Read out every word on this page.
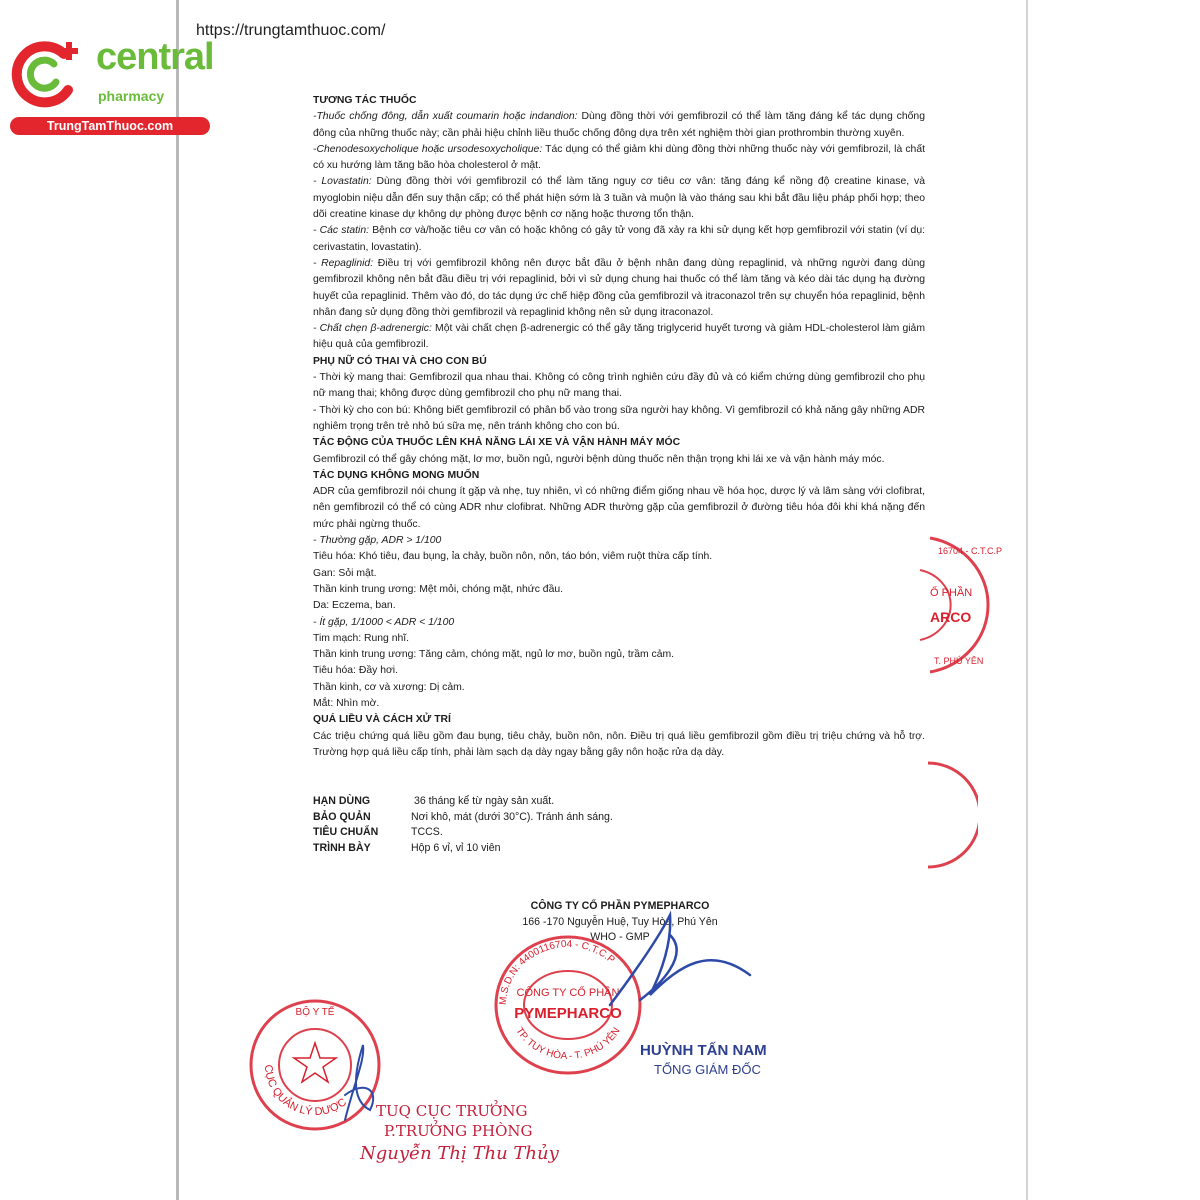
https://trungtamthuoc.com/
central
pharmacy
TrungTamThuoc.com

TƯƠNG TÁC THUỐC

-Thuốc chống đông, dẫn xuất coumarin hoặc indandion: Dùng đồng thời với gemfibrozil có thể làm tăng đáng kể tác dụng chống đông của những thuốc này; cần phải hiệu chỉnh liều thuốc chống đông dựa trên xét nghiệm thời gian prothrombin thường xuyên.

-Chenodesoxycholique hoặc ursodesoxycholique: Tác dụng có thể giảm khi dùng đồng thời những thuốc này với gemfibrozil, là chất có xu hướng làm tăng bão hòa cholesterol ở mật.

- Lovastatin: Dùng đồng thời với gemfibrozil có thể làm tăng nguy cơ tiêu cơ vân: tăng đáng kể nồng độ creatine kinase, và myoglobin niệu dẫn đến suy thận cấp; có thể phát hiện sớm là 3 tuần và muộn là vào tháng sau khi bắt đầu liệu pháp phối hợp; theo dõi creatine kinase dự không dự phòng được bệnh cơ nặng hoặc thương tổn thận.

- Các statin: Bệnh cơ và/hoặc tiêu cơ vân có hoặc không có gây tử vong đã xảy ra khi sử dụng kết hợp gemfibrozil với statin (ví dụ: cerivastatin, lovastatin).

- Repaglinid: Điều trị với gemfibrozil không nên được bắt đầu ở bệnh nhân đang dùng repaglinid, và những người đang dùng gemfibrozil không nên bắt đầu điều trị với repaglinid, bởi vì sử dụng chung hai thuốc có thể làm tăng và kéo dài tác dụng hạ đường huyết của repaglinid. Thêm vào đó, do tác dụng ức chế hiệp đồng của gemfibrozil và itraconazol trên sự chuyển hóa repaglinid, bệnh nhân đang sử dụng đồng thời gemfibrozil và repaglinid không nên sử dụng itraconazol.

- Chất chẹn β-adrenergic: Một vài chất chẹn β-adrenergic có thể gây tăng triglycerid huyết tương và giảm HDL-cholesterol làm giảm hiệu quả của gemfibrozil.

PHỤ NỮ CÓ THAI VÀ CHO CON BÚ

- Thời kỳ mang thai: Gemfibrozil qua nhau thai. Không có công trình nghiên cứu đầy đủ và có kiểm chứng dùng gemfibrozil cho phụ nữ mang thai; không được dùng gemfibrozil cho phụ nữ mang thai.

- Thời kỳ cho con bú: Không biết gemfibrozil có phân bố vào trong sữa người hay không. Vì gemfibrozil có khả năng gây những ADR nghiêm trọng trên trẻ nhỏ bú sữa mẹ, nên tránh không cho con bú.

TÁC ĐỘNG CỦA THUỐC LÊN KHẢ NĂNG LÁI XE VÀ VẬN HÀNH MÁY MÓC

Gemfibrozil có thể gây chóng mặt, lơ mơ, buồn ngủ, người bệnh dùng thuốc nên thận trọng khi lái xe và vận hành máy móc.

TÁC DỤNG KHÔNG MONG MUỐN

ADR của gemfibrozil nói chung ít gặp và nhẹ, tuy nhiên, vì có những điểm giống nhau về hóa học, dược lý và lâm sàng với clofibrat, nên gemfibrozil có thể có cùng ADR như clofibrat. Những ADR thường gặp của gemfibrozil ở đường tiêu hóa đôi khi khá nặng đến mức phải ngừng thuốc.

- Thường gặp, ADR > 1/100

Tiêu hóa: Khó tiêu, đau bụng, ỉa chảy, buồn nôn, nôn, táo bón, viêm ruột thừa cấp tính.

Gan: Sỏi mật.

Thần kinh trung ương: Mệt mỏi, chóng mặt, nhức đầu.

Da: Eczema, ban.

- Ít gặp, 1/1000 < ADR < 1/100

Tim mạch: Rung nhĩ.

Thần kinh trung ương: Tăng cảm, chóng mặt, ngủ lơ mơ, buồn ngủ, trầm cảm.

Tiêu hóa: Đầy hơi.

Thần kinh, cơ và xương: Dị cảm.

Mắt: Nhìn mờ.

QUÁ LIỀU VÀ CÁCH XỬ TRÍ

Các triệu chứng quá liều gồm đau bụng, tiêu chảy, buồn nôn, nôn. Điều trị quá liều gemfibrozil gồm điều trị triệu chứng và hỗ trợ. Trường hợp quá liều cấp tính, phải làm sạch dạ dày ngay bằng gây nôn hoặc rửa dạ dày.

HẠN DÙNG	36 tháng kể từ ngày sản xuất.
BẢO QUẢN	Nơi khô, mát (dưới 30°C). Tránh ánh sáng.
TIÊU CHUẨN	TCCS.
TRÌNH BÀY	Hộp 6 vỉ, vỉ 10 viên
CÔNG TY CỔ PHẦN PYMEPHARCO
166 -170 Nguyễn Huệ, Tuy Hòa, Phú Yên
WHO - GMP
M.S.D.N: 4400116704 - C.T.C.P
TP. TUY HÒA - T. PHÚ YÊN
CÔNG TY CỔ PHẦN
PYMEPHARCO
HUỲNH TẤN NAM
TỔNG GIÁM ĐỐC
BỘ Y TẾ
CỤC QUẢN LÝ DƯỢC TUQ CỤC TRƯỞNG
P.TRƯỞNG PHÒNG
Nguyễn Thị Thu Thủy
16704 - C.T.C.P
Ổ PHẦN
ARCO
T. PHÚ YÊN
